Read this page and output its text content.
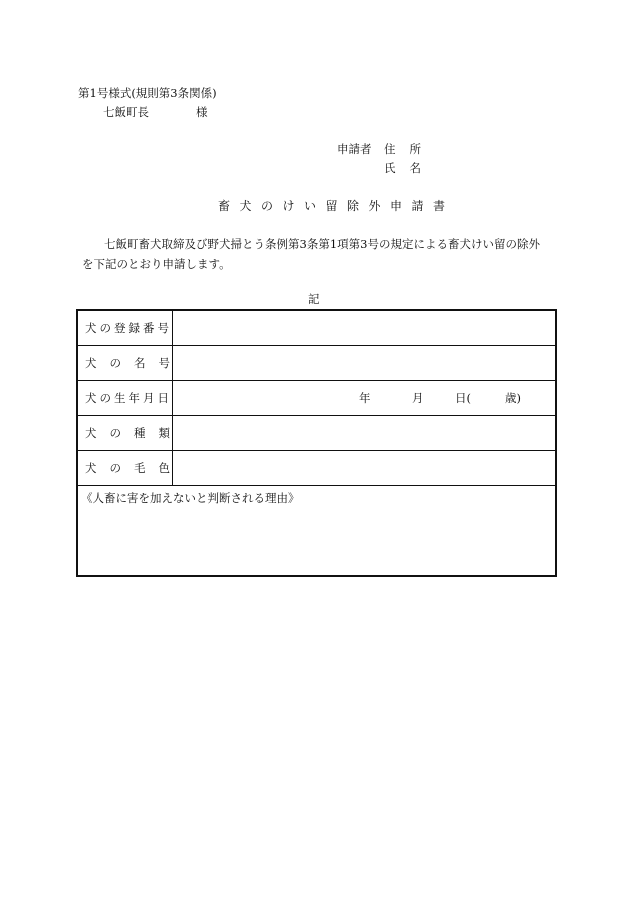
第1号様式(規則第3条関係)
七飯町長	様
申請者 住所
氏名
畜犬のけい留除外申請書
七飯町畜犬取締及び野犬掃とう条例第3条第1項第3号の規定による畜犬けい留の除外
を下記のとおり申請します。
記
犬の登録番号
犬の名号
犬の生年月日	年	月	日(	歳)
犬の種類
犬の毛色
《人畜に害を加えないと判断される理由》
